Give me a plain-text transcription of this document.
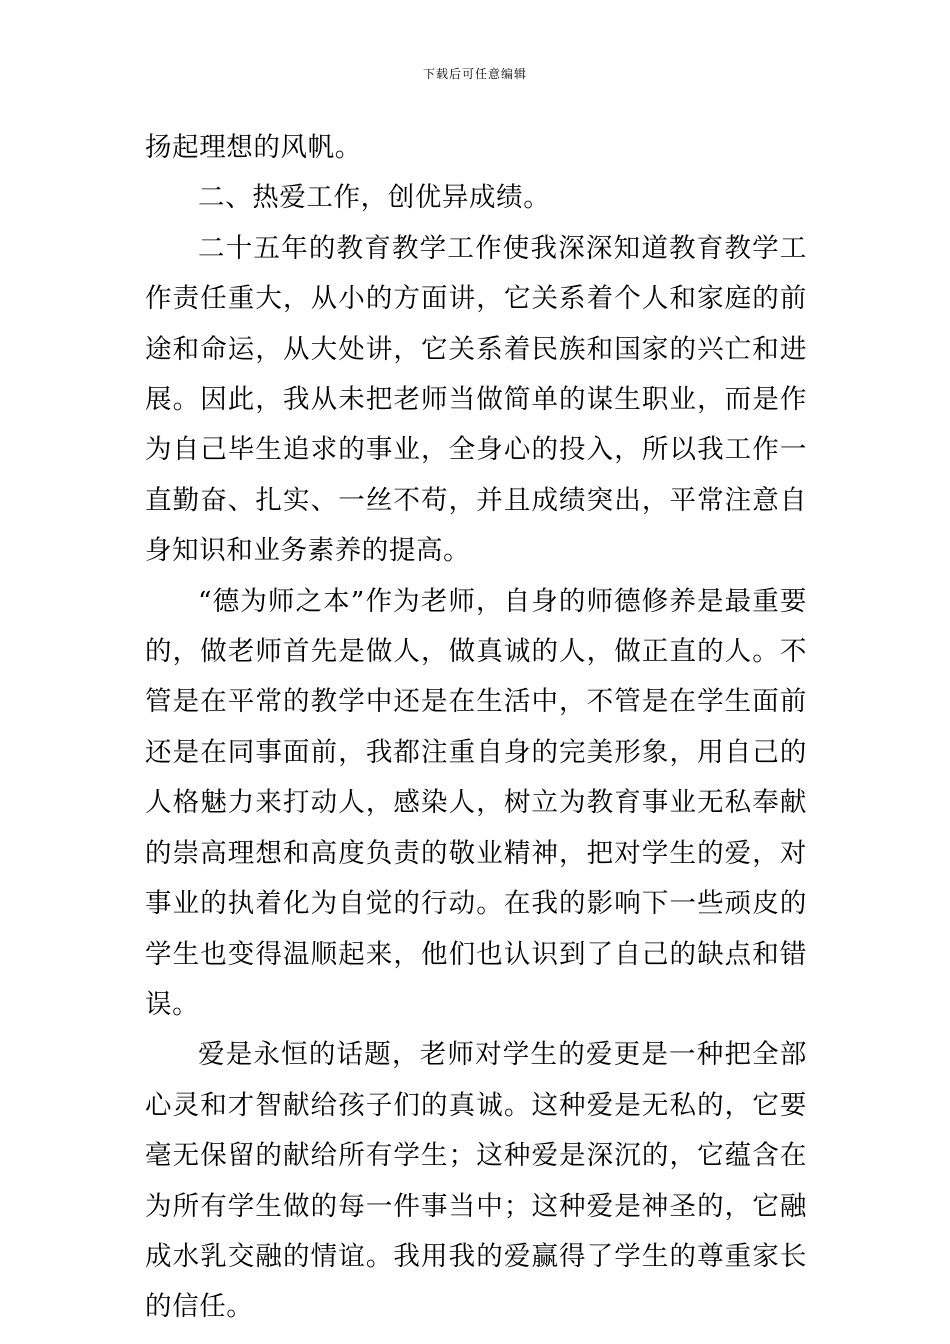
下载后可任意编辑

扬起理想的风帆。

二、热爱工作，创优异成绩。

二十五年的教育教学工作使我深深知道教育教学工作责任重大，从小的方面讲，它关系着个人和家庭的前途和命运，从大处讲，它关系着民族和国家的兴亡和进展。因此，我从未把老师当做简单的谋生职业，而是作为自己毕生追求的事业，全身心的投入，所以我工作一直勤奋、扎实、一丝不苟，并且成绩突出，平常注意自身知识和业务素养的提高。

“德为师之本”作为老师，自身的师德修养是最重要的，做老师首先是做人，做真诚的人，做正直的人。不管是在平常的教学中还是在生活中，不管是在学生面前还是在同事面前，我都注重自身的完美形象，用自己的人格魅力来打动人，感染人，树立为教育事业无私奉献的崇高理想和高度负责的敬业精神，把对学生的爱，对事业的执着化为自觉的行动。在我的影响下一些顽皮的学生也变得温顺起来，他们也认识到了自己的缺点和错误。

爱是永恒的话题，老师对学生的爱更是一种把全部心灵和才智献给孩子们的真诚。这种爱是无私的，它要毫无保留的献给所有学生；这种爱是深沉的，它蕴含在为所有学生做的每一件事当中；这种爱是神圣的，它融成水乳交融的情谊。我用我的爱赢得了学生的尊重家长的信任。
